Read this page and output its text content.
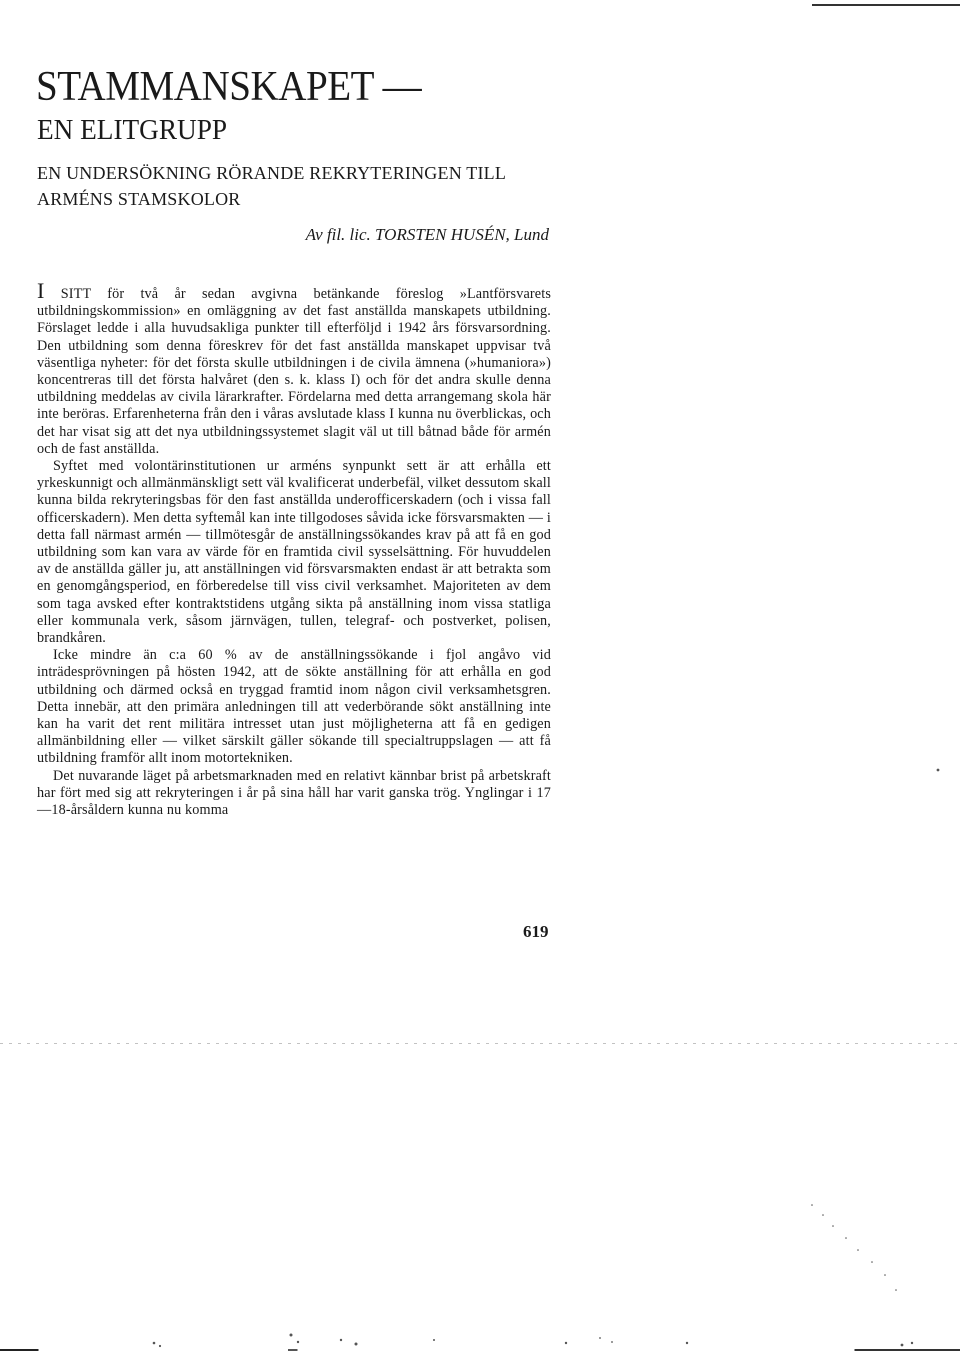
STAMMANSKAPET —
EN ELITGRUPP
EN UNDERSÖKNING RÖRANDE REKRYTERINGEN TILL ARMÉNS STAMSKOLOR

Av fil. lic. TORSTEN HUSÉN, Lund

I SITT för två år sedan avgivna betänkande föreslog »Lantförsvarets utbildningskommission» en omläggning av det fast anställda manskapets utbildning. Förslaget ledde i alla huvudsakliga punkter till efterföljd i 1942 års försvarsordning. Den utbildning som denna föreskrev för det fast anställda manskapet uppvisar två väsentliga nyheter: för det första skulle utbildningen i de civila ämnena (»humaniora») koncentreras till det första halvåret (den s. k. klass I) och för det andra skulle denna utbildning meddelas av civila lärarkrafter. Fördelarna med detta arrangemang skola här inte beröras. Erfarenheterna från den i våras avslutade klass I kunna nu överblickas, och det har visat sig att det nya utbildningssystemet slagit väl ut till båtnad både för armén och de fast anställda.

Syftet med volontärinstitutionen ur arméns synpunkt sett är att erhålla ett yrkeskunnigt och allmänmänskligt sett väl kvalificerat underbefäl, vilket dessutom skall kunna bilda rekryteringsbas för den fast anställda underofficerskadern (och i vissa fall officerskadern). Men detta syftemål kan inte tillgodoses såvida icke försvarsmakten — i detta fall närmast armén — tillmötesgår de anställningssökandes krav på att få en god utbildning som kan vara av värde för en framtida civil sysselsättning. För huvuddelen av de anställda gäller ju, att anställningen vid försvarsmakten endast är att betrakta som en genomgångsperiod, en förberedelse till viss civil verksamhet. Majoriteten av dem som taga avsked efter kontraktstidens utgång sikta på anställning inom vissa statliga eller kommunala verk, såsom järnvägen, tullen, telegraf- och postverket, polisen, brandkåren.

Icke mindre än c:a 60 % av de anställningssökande i fjol angåvo vid inträdesprövningen på hösten 1942, att de sökte anställning för att erhålla en god utbildning och därmed också en tryggad framtid inom någon civil verksamhetsgren. Detta innebär, att den primära anledningen till att vederbörande sökt anställning inte kan ha varit det rent militära intresset utan just möjligheterna att få en gedigen allmänbildning eller — vilket särskilt gäller sökande till specialtruppslagen — att få utbildning framför allt inom motortekniken.

Det nuvarande läget på arbetsmarknaden med en relativt kännbar brist på arbetskraft har fört med sig att rekryteringen i år på sina håll har varit ganska trög. Ynglingar i 17—18-årsåldern kunna nu komma

619
